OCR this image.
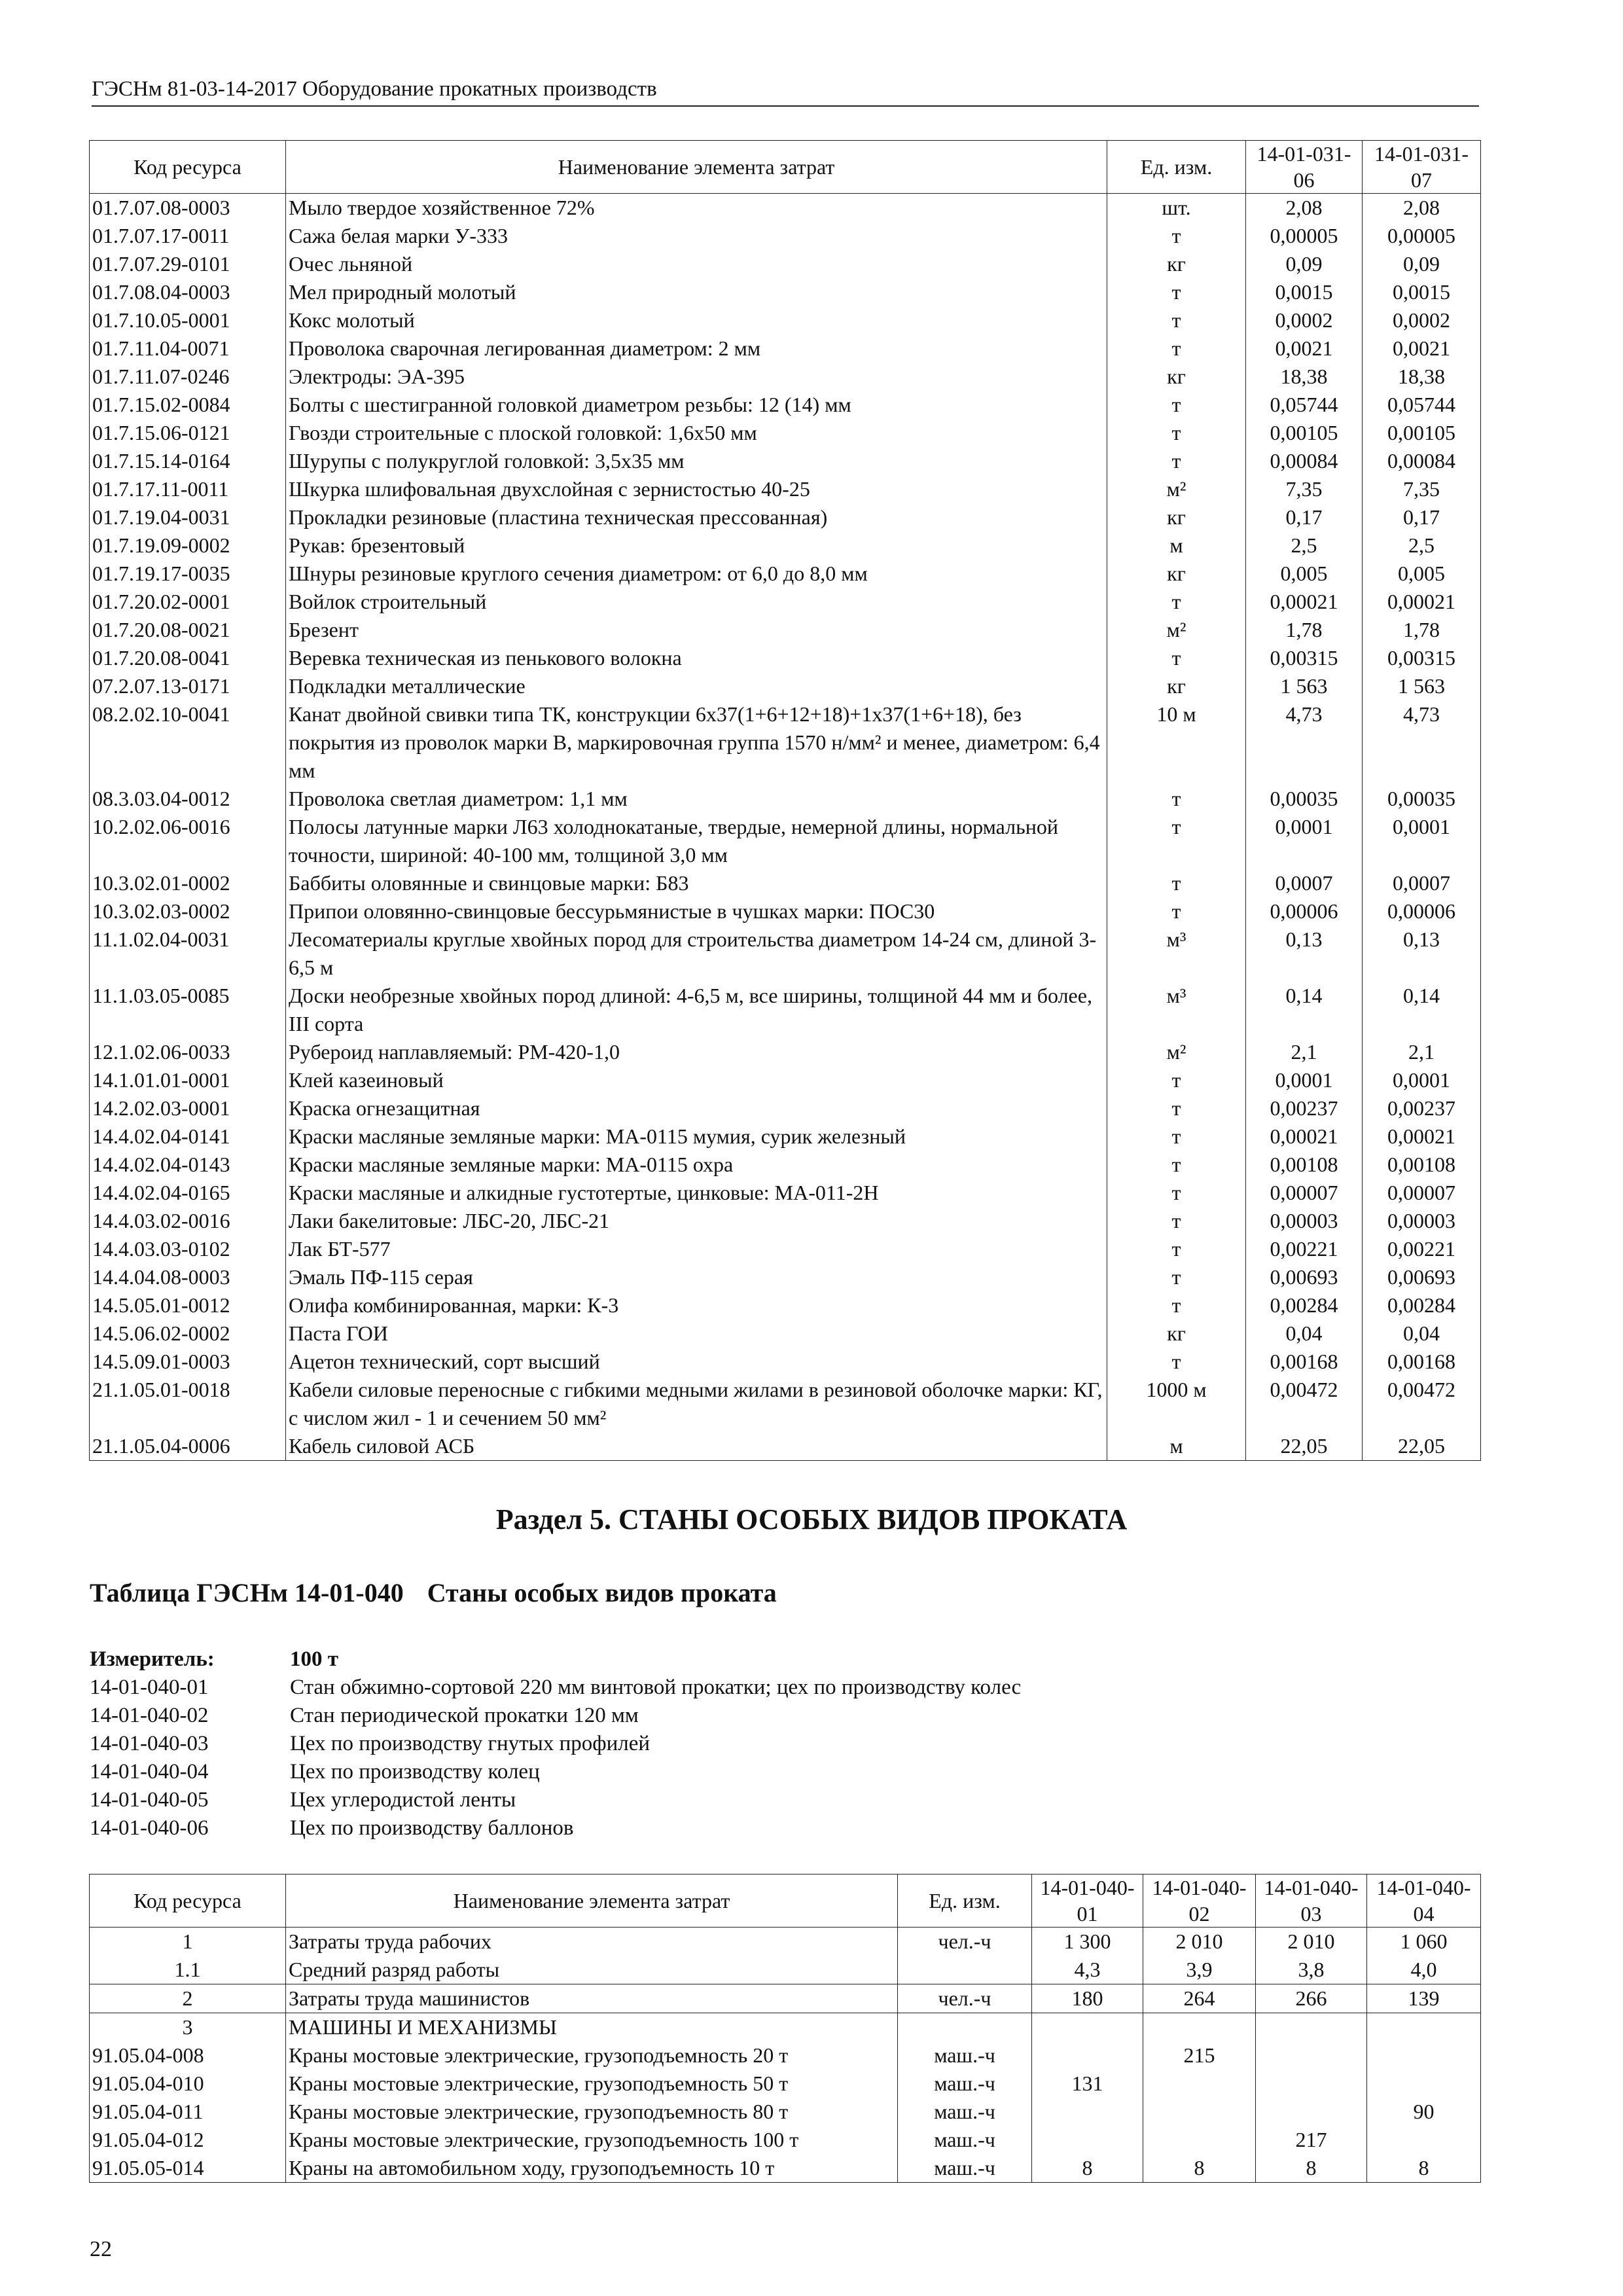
ГЭСНм 81-03-14-2017 Оборудование прокатных производств
Код ресурса	Наименование элемента затрат	Ед. изм.	14-01-031-06	14-01-031-07
01.7.07.08-0003	Мыло твердое хозяйственное 72%	шт.	2,08	2,08
01.7.07.17-0011	Сажа белая марки У-333	т	0,00005	0,00005
01.7.07.29-0101	Очес льняной	кг	0,09	0,09
01.7.08.04-0003	Мел природный молотый	т	0,0015	0,0015
01.7.10.05-0001	Кокс молотый	т	0,0002	0,0002
01.7.11.04-0071	Проволока сварочная легированная диаметром: 2 мм	т	0,0021	0,0021
01.7.11.07-0246	Электроды: ЭА-395	кг	18,38	18,38
01.7.15.02-0084	Болты с шестигранной головкой диаметром резьбы: 12 (14) мм	т	0,05744	0,05744
01.7.15.06-0121	Гвозди строительные с плоской головкой: 1,6х50 мм	т	0,00105	0,00105
01.7.15.14-0164	Шурупы с полукруглой головкой: 3,5х35 мм	т	0,00084	0,00084
01.7.17.11-0011	Шкурка шлифовальная двухслойная с зернистостью 40-25	м²	7,35	7,35
01.7.19.04-0031	Прокладки резиновые (пластина техническая прессованная)	кг	0,17	0,17
01.7.19.09-0002	Рукав: брезентовый	м	2,5	2,5
01.7.19.17-0035	Шнуры резиновые круглого сечения диаметром: от 6,0 до 8,0 мм	кг	0,005	0,005
01.7.20.02-0001	Войлок строительный	т	0,00021	0,00021
01.7.20.08-0021	Брезент	м²	1,78	1,78
01.7.20.08-0041	Веревка техническая из пенькового волокна	т	0,00315	0,00315
07.2.07.13-0171	Подкладки металлические	кг	1 563	1 563
08.2.02.10-0041	Канат двойной свивки типа ТК, конструкции 6х37(1+6+12+18)+1х37(1+6+18), без покрытия из проволок марки В, маркировочная группа 1570 н/мм² и менее, диаметром: 6,4 мм	10 м	4,73	4,73
08.3.03.04-0012	Проволока светлая диаметром: 1,1 мм	т	0,00035	0,00035
10.2.02.06-0016	Полосы латунные марки Л63 холоднокатаные, твердые, немерной длины, нормальной точности, шириной: 40-100 мм, толщиной 3,0 мм	т	0,0001	0,0001
10.3.02.01-0002	Баббиты оловянные и свинцовые марки: Б83	т	0,0007	0,0007
10.3.02.03-0002	Припои оловянно-свинцовые бессурьмянистые в чушках марки: ПОС30	т	0,00006	0,00006
11.1.02.04-0031	Лесоматериалы круглые хвойных пород для строительства диаметром 14-24 см, длиной 3-6,5 м	м³	0,13	0,13
11.1.03.05-0085	Доски необрезные хвойных пород длиной: 4-6,5 м, все ширины, толщиной 44 мм и более, III сорта	м³	0,14	0,14
12.1.02.06-0033	Рубероид наплавляемый: РМ-420-1,0	м²	2,1	2,1
14.1.01.01-0001	Клей казеиновый	т	0,0001	0,0001
14.2.02.03-0001	Краска огнезащитная	т	0,00237	0,00237
14.4.02.04-0141	Краски масляные земляные марки: МА-0115 мумия, сурик железный	т	0,00021	0,00021
14.4.02.04-0143	Краски масляные земляные марки: МА-0115 охра	т	0,00108	0,00108
14.4.02.04-0165	Краски масляные и алкидные густотертые, цинковые: МА-011-2Н	т	0,00007	0,00007
14.4.03.02-0016	Лаки бакелитовые: ЛБС-20, ЛБС-21	т	0,00003	0,00003
14.4.03.03-0102	Лак БТ-577	т	0,00221	0,00221
14.4.04.08-0003	Эмаль ПФ-115 серая	т	0,00693	0,00693
14.5.05.01-0012	Олифа комбинированная, марки: К-3	т	0,00284	0,00284
14.5.06.02-0002	Паста ГОИ	кг	0,04	0,04
14.5.09.01-0003	Ацетон технический, сорт высший	т	0,00168	0,00168
21.1.05.01-0018	Кабели силовые переносные с гибкими медными жилами в резиновой оболочке марки: КГ, с числом жил - 1 и сечением 50 мм²	1000 м	0,00472	0,00472
21.1.05.04-0006	Кабель силовой АСБ	м	22,05	22,05
Раздел 5. СТАНЫ ОСОБЫХ ВИДОВ ПРОКАТА
Таблица ГЭСНм 14-01-040 Станы особых видов проката
Измеритель:	100 т
14-01-040-01	Стан обжимно-сортовой 220 мм винтовой прокатки; цех по производству колес
14-01-040-02	Стан периодической прокатки 120 мм
14-01-040-03	Цех по производству гнутых профилей
14-01-040-04	Цех по производству колец
14-01-040-05	Цех углеродистой ленты
14-01-040-06	Цех по производству баллонов
Код ресурса	Наименование элемента затрат	Ед. изм.	14-01-040-01	14-01-040-02	14-01-040-03	14-01-040-04
1	Затраты труда рабочих	чел.-ч	1 300	2 010	2 010	1 060
1.1	Средний разряд работы		4,3	3,9	3,8	4,0
2	Затраты труда машинистов	чел.-ч	180	264	266	139
3	МАШИНЫ И МЕХАНИЗМЫ					
91.05.04-008	Краны мостовые электрические, грузоподъемность 20 т	маш.-ч		215		
91.05.04-010	Краны мостовые электрические, грузоподъемность 50 т	маш.-ч	131			
91.05.04-011	Краны мостовые электрические, грузоподъемность 80 т	маш.-ч				90
91.05.04-012	Краны мостовые электрические, грузоподъемность 100 т	маш.-ч			217	
91.05.05-014	Краны на автомобильном ходу, грузоподъемность 10 т	маш.-ч	8	8	8	8
22
